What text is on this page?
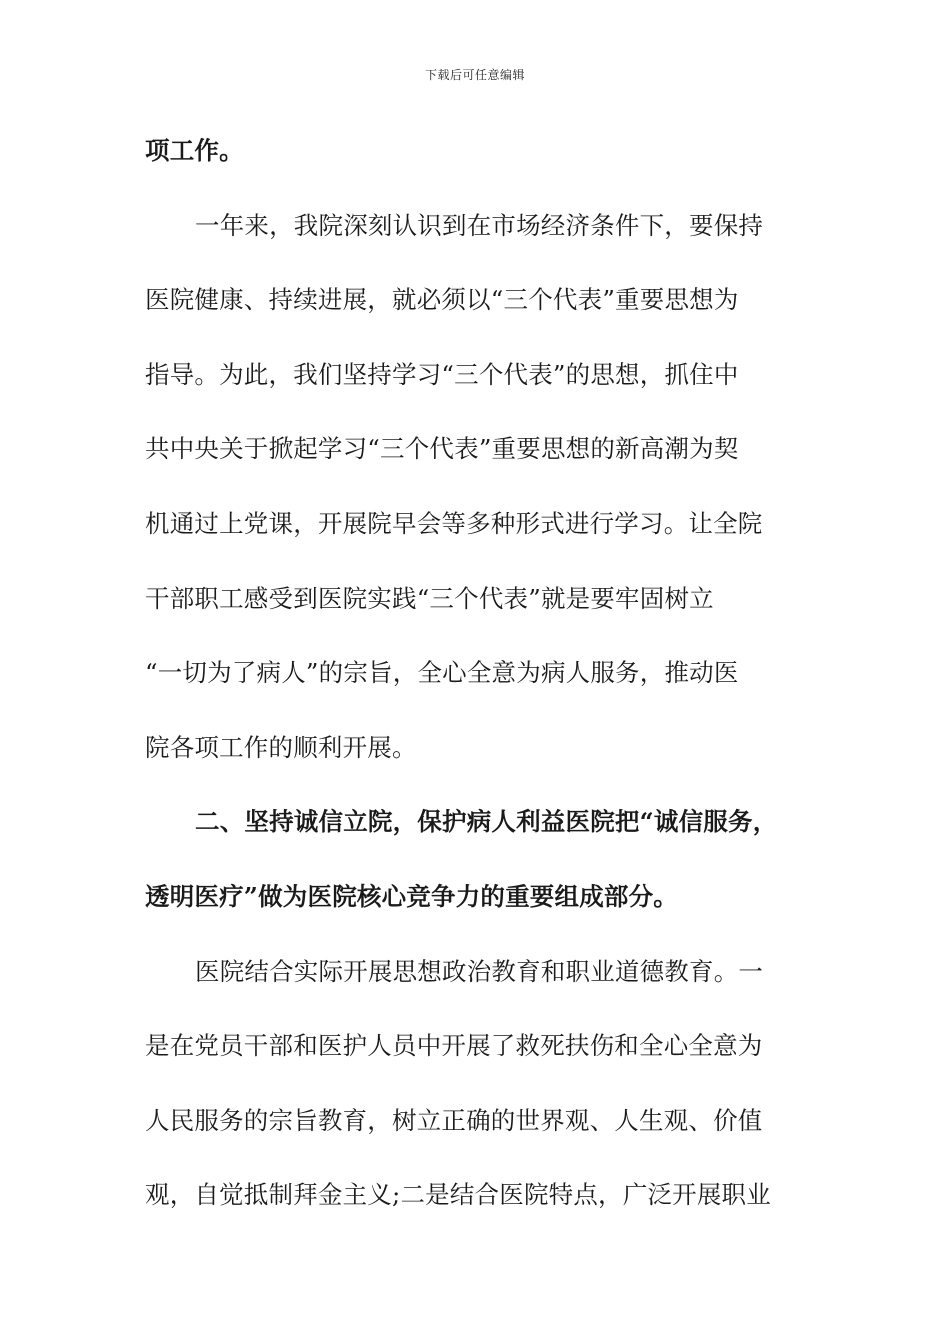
下载后可任意编辑
项工作。
一年来，我院深刻认识到在市场经济条件下，要保持
医院健康、持续进展，就必须以“三个代表”重要思想为
指导。为此，我们坚持学习“三个代表”的思想，抓住中
共中央关于掀起学习“三个代表”重要思想的新高潮为契
机通过上党课，开展院早会等多种形式进行学习。让全院
干部职工感受到医院实践“三个代表”就是要牢固树立
“一切为了病人”的宗旨，全心全意为病人服务，推动医
院各项工作的顺利开展。
二、坚持诚信立院，保护病人利益医院把“诚信服务，
透明医疗”做为医院核心竞争力的重要组成部分。
医院结合实际开展思想政治教育和职业道德教育。一
是在党员干部和医护人员中开展了救死扶伤和全心全意为
人民服务的宗旨教育，树立正确的世界观、人生观、价值
观，自觉抵制拜金主义;二是结合医院特点，广泛开展职业
